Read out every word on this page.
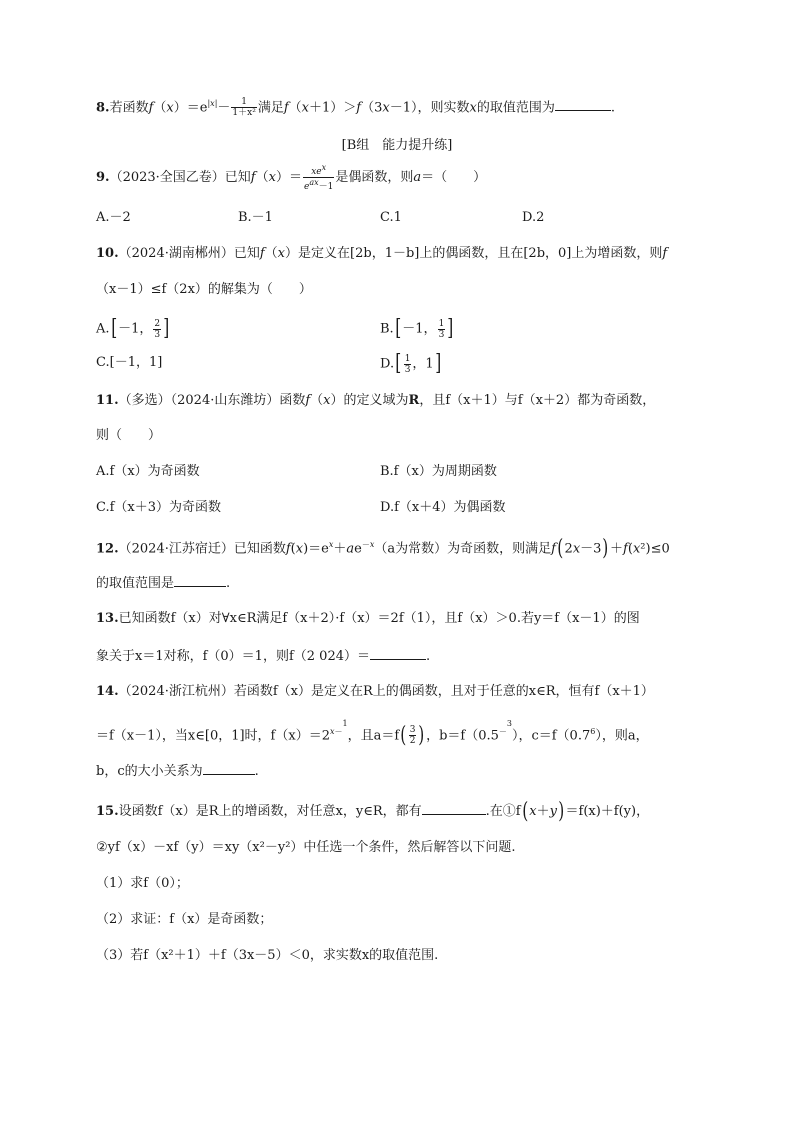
8.若函数$f(x)=e^{|x|}- \frac{1}{\text{1＋x²}}$ 满足f（x＋1）＞f（3x－1），则实数x的取值范围为	.
[B组　能力提升练]
9.（2023·全国乙卷）已知$f(x)= \frac{xe^x}{e^{ax}-1}$ 是偶函数，则a＝（　　）
A.－2	B.－1	C.1	D.2
10.（2024·湖南郴州）已知f（x）是定义在[2b，1－b]上的偶函数，且在[2b，0]上为增函数，则f
（x－1）≤f（2x）的解集为（　　）
A.[－1， $\frac{2}{3}$ ]	B.[－1， $\frac{1}{3}$ ]
C.[－1，1]	$D.[ \frac{1}{3}$ ，1]
11.（多选）（2024·山东潍坊）函数f（x）的定义域为R，且f（x＋1）与f（x＋2）都为奇函数，
则（　　）
A.f（x）为奇函数	B.f（x）为周期函数
C.f（x＋3）为奇函数	D.f（x＋4）为偶函数
12.（2024·江苏宿迁）已知函数$f(x)=e^x+ae^{-x}(a$为常数）为奇函数，则满足f(2x－3)＋f(x²)≤0
的取值范围是	.
13.已知函数f（x）对∀x∈R满足f（x＋2）·f（x）＝2f（1），且f（x）＞0.若y＝f（x－1）的图
象关于x＝1对称，f（0）＝1，则f（2 024）＝	.
14.（2024·浙江杭州）若函数f（x）是定义在R上的偶函数，且对于任意的x∈R，恒有f（x＋1）
＝f（x－1），当x∈[0，1]时，$f(x)=2^{x-1}$，且$a=f( \frac{3}{2}$ )，$b=f(0.5^{-3})$，$c=f(0.7^6)$，则a，
b，c的大小关系为	.
15.设函数f（x）是R上的增函数，对任意x，y∈R，都有	.在①f(x＋y)＝f(x)＋f(y)，
②yf（x）－xf（y）＝xy（x²－y²）中任选一个条件，然后解答以下问题.
（1）求f（0）；
（2）求证：f（x）是奇函数；
（3）若f（x²＋1）＋f（3x－5）＜0，求实数x的取值范围.
